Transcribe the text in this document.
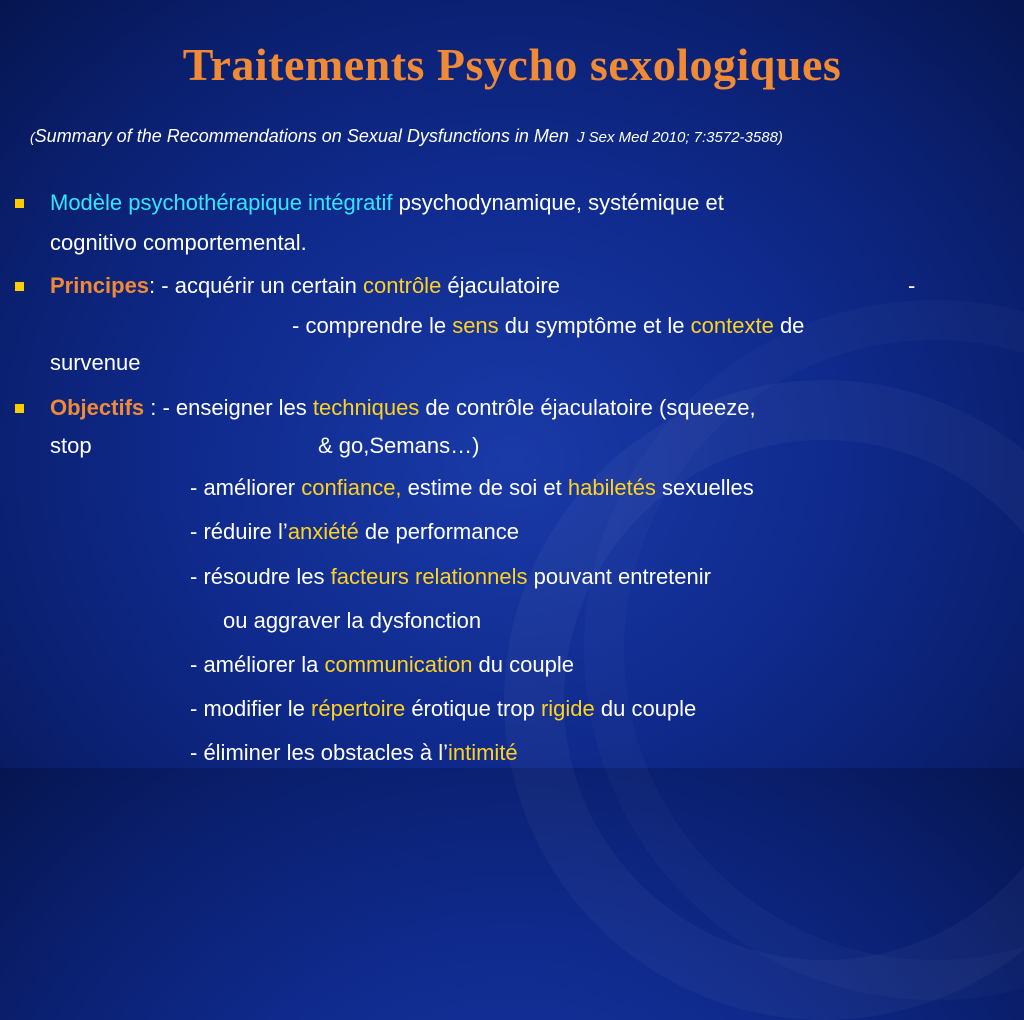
Traitements Psycho sexologiques
(Summary of the Recommendations on Sexual Dysfunctions in Men J Sex Med 2010; 7:3572-3588)
Modèle psychothérapique intégratif psychodynamique, systémique et
cognitivo comportemental.
Principes: - acquérir un certain contrôle éjaculatoire	-
- comprendre le sens du symptôme et le contexte de
survenue
Objectifs : - enseigner les techniques de contrôle éjaculatoire (squeeze,
stop	& go,Semans…)
- améliorer confiance, estime de soi et habiletés sexuelles
- réduire l’anxiété de performance
- résoudre les facteurs relationnels pouvant entretenir
ou aggraver la dysfonction
- améliorer la communication du couple
- modifier le répertoire érotique trop rigide du couple
- éliminer les obstacles à l’intimité
